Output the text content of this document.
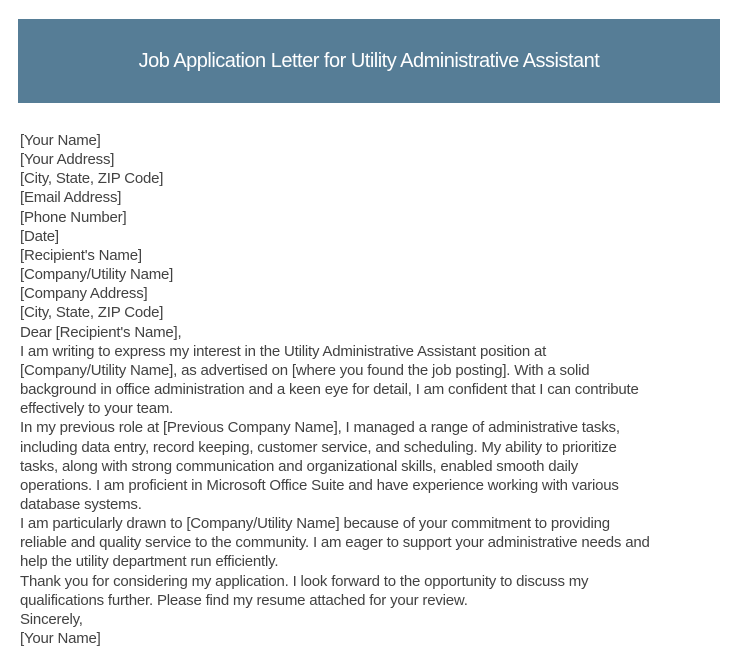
Job Application Letter for Utility Administrative Assistant
[Your Name]
[Your Address]
[City, State, ZIP Code]
[Email Address]
[Phone Number]
[Date]
[Recipient's Name]
[Company/Utility Name]
[Company Address]
[City, State, ZIP Code]
Dear [Recipient's Name],
I am writing to express my interest in the Utility Administrative Assistant position at
[Company/Utility Name], as advertised on [where you found the job posting]. With a solid
background in office administration and a keen eye for detail, I am confident that I can contribute
effectively to your team.
In my previous role at [Previous Company Name], I managed a range of administrative tasks,
including data entry, record keeping, customer service, and scheduling. My ability to prioritize
tasks, along with strong communication and organizational skills, enabled smooth daily
operations. I am proficient in Microsoft Office Suite and have experience working with various
database systems.
I am particularly drawn to [Company/Utility Name] because of your commitment to providing
reliable and quality service to the community. I am eager to support your administrative needs and
help the utility department run efficiently.
Thank you for considering my application. I look forward to the opportunity to discuss my
qualifications further. Please find my resume attached for your review.
Sincerely,
[Your Name]
